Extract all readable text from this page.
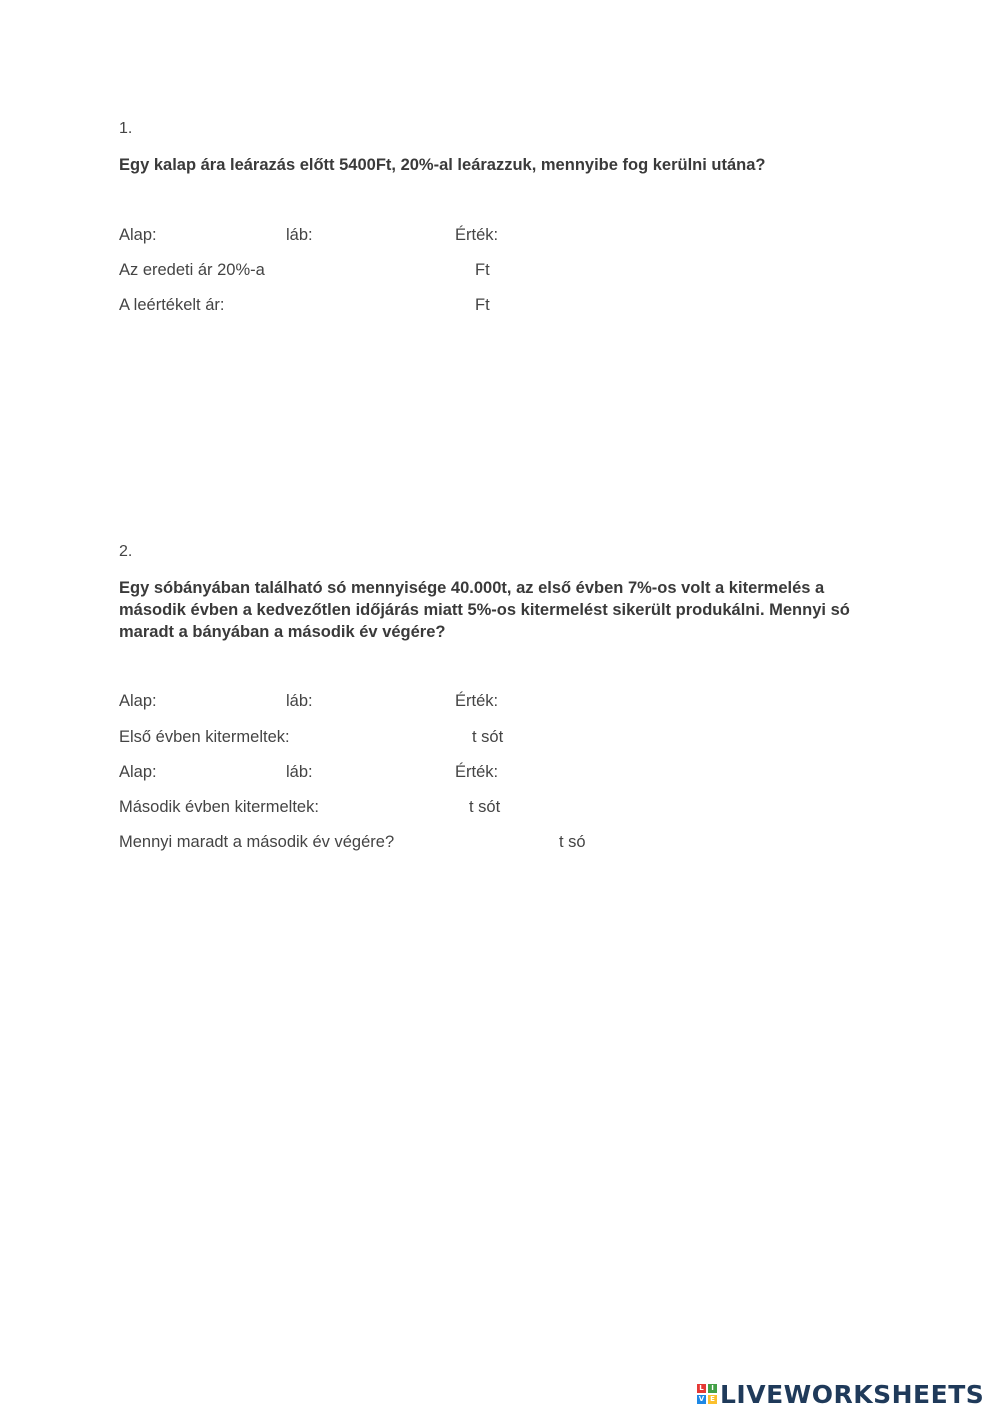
1.
Egy kalap ára leárazás előtt 5400Ft, 20%-al leárazzuk, mennyibe fog kerülni utána?
Alap:	láb:	Érték:
Az eredeti ár 20%-a	Ft
A leértékelt ár:	Ft
2.
Egy sóbányában található só mennyisége 40.000t, az első évben 7%-os volt a kitermelés a második évben a kedvezőtlen időjárás miatt 5%-os kitermelést sikerült produkálni. Mennyi só maradt a bányában a második év végére?
Alap:	láb:	Érték:
Első évben kitermeltek:	t sót
Alap:	láb:	Érték:
Második évben kitermeltek:	t sót
Mennyi maradt a második év végére?	t só
L	I
V E LIVEWORKSHEETS
